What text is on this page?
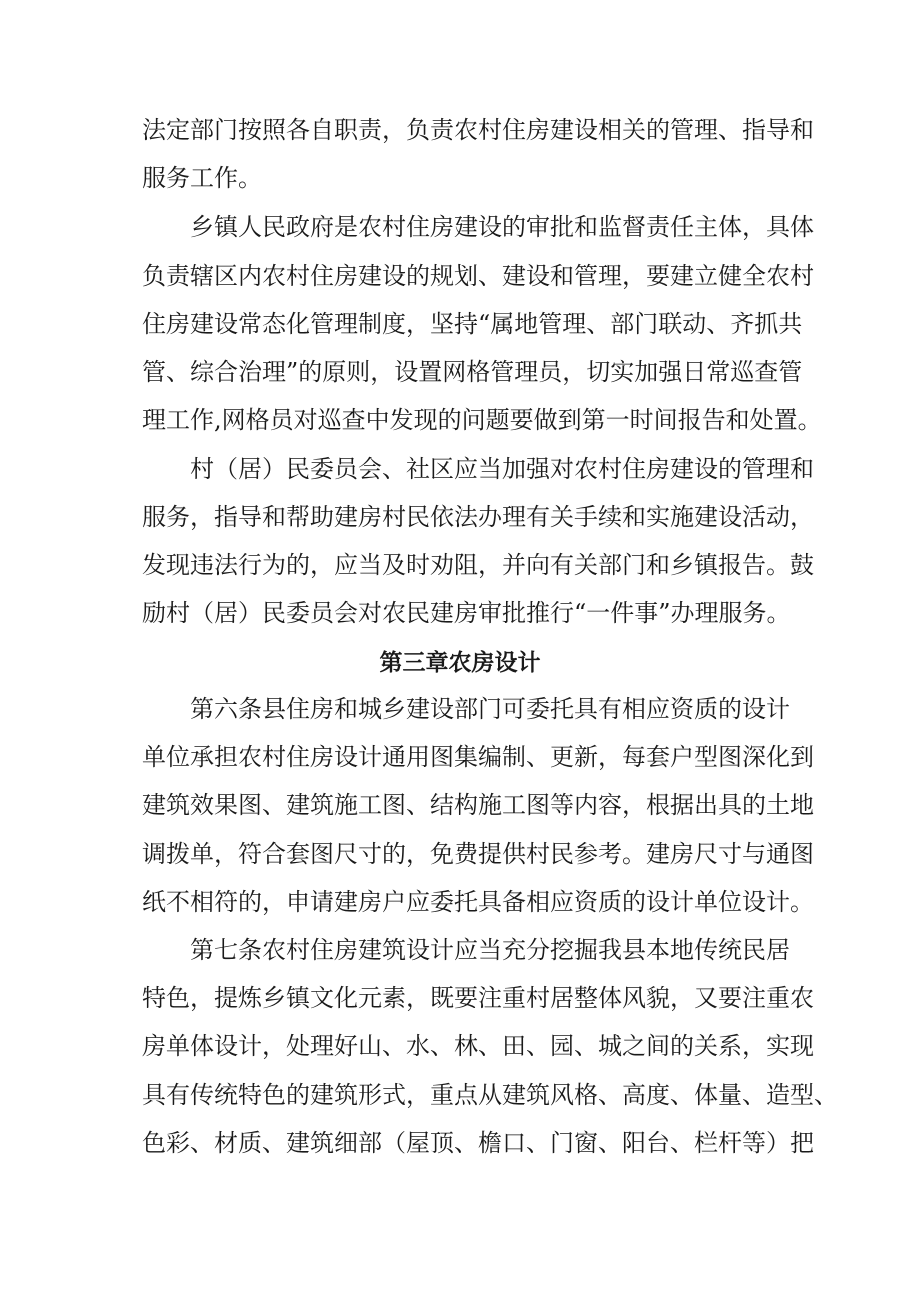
法定部门按照各自职责，负责农村住房建设相关的管理、指导和
服务工作。
乡镇人民政府是农村住房建设的审批和监督责任主体，具体
负责辖区内农村住房建设的规划、建设和管理，要建立健全农村
住房建设常态化管理制度，坚持“属地管理、部门联动、齐抓共
管、综合治理”的原则，设置网格管理员，切实加强日常巡查管
理工作,网格员对巡查中发现的问题要做到第一时间报告和处置。
村（居）民委员会、社区应当加强对农村住房建设的管理和
服务，指导和帮助建房村民依法办理有关手续和实施建设活动，
发现违法行为的，应当及时劝阻，并向有关部门和乡镇报告。鼓
励村（居）民委员会对农民建房审批推行“一件事”办理服务。
第三章农房设计
第六条县住房和城乡建设部门可委托具有相应资质的设计
单位承担农村住房设计通用图集编制、更新，每套户型图深化到
建筑效果图、建筑施工图、结构施工图等内容，根据出具的土地
调拨单，符合套图尺寸的，免费提供村民参考。建房尺寸与通图
纸不相符的，申请建房户应委托具备相应资质的设计单位设计。
第七条农村住房建筑设计应当充分挖掘我县本地传统民居
特色，提炼乡镇文化元素，既要注重村居整体风貌，又要注重农
房单体设计，处理好山、水、林、田、园、城之间的关系，实现
具有传统特色的建筑形式，重点从建筑风格、高度、体量、造型、
色彩、材质、建筑细部（屋顶、檐口、门窗、阳台、栏杆等）把
